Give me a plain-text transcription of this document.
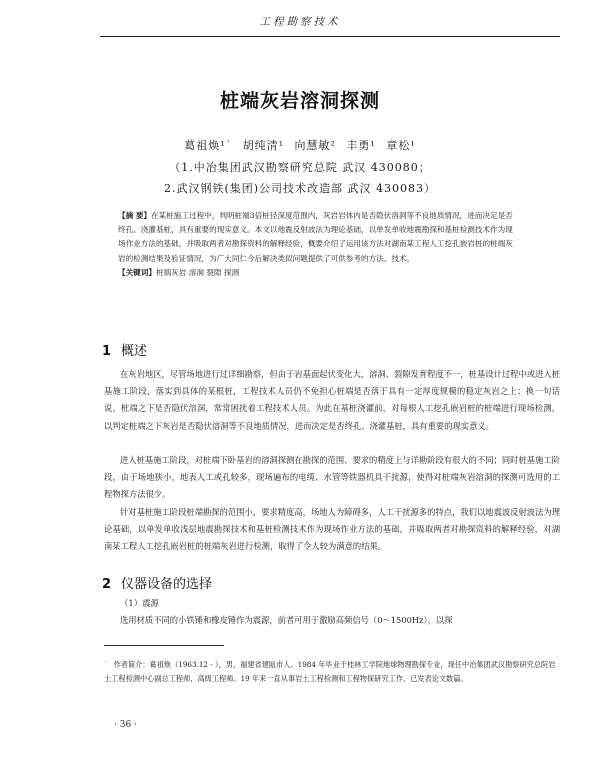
工程勘察技术
桩端灰岩溶洞探测
葛祖焕¹˙ 胡纯清¹ 向慧敏² 丰勇¹ 章松¹
（1.中冶集团武汉勘察研究总院 武汉 430080；
2.武汉钢铁(集团)公司技术改造部 武汉 430083）
【摘 要】在某桩施工过程中，判明桩端3倍桩径深度范围内，灰岩岩体内是否隐伏溶洞等不良地质情况，进而决定是否终孔、浇灌基桩，具有重要的现实意义。本文以地震反射波法为理论基础，以单发单收地震勘探和基桩检测技术作为现场作业方法的基础，并吸取两者对勘探资料的解释经验，概要介绍了运用该方法对湖南某工程人工挖孔嵌岩桩的桩端灰岩的检测结果及验证情况，为广大同仁今后解决类似问题提供了可供参考的方法、技术。
【关键词】桩端灰岩 溶洞 裂隙 探测
1 概述
在灰岩地区，尽管场地进行过详细勘察，但由于岩基面起伏变化大，溶洞、裂隙发育程度不一，桩基设计过程中或进入桩基施工阶段，落实到具体的某根桩，工程技术人员仍不免担心桩端是否落于具有一定厚度规模的稳定灰岩之上；换一句话说，桩端之下是否隐伏溶洞，常常困扰着工程技术人员。为此在基桩浇灌前，对每根人工挖孔嵌岩桩的桩端进行现场检测，以判定桩端之下灰岩是否隐伏溶洞等不良地质情况，进而决定是否终孔、浇灌基桩，具有重要的现实意义。
进入桩基施工阶段，对桩端下卧基岩的溶洞探测在勘探的范围、要求的精度上与详勘阶段有很大的不同；同时桩基施工阶段，由于场地狭小，地表人工或孔较多，现场遍布的电缆、水管等铁器机具干扰源，使得对桩端灰岩溶洞的探测可选用的工程物探方法很少。
针对基桩施工阶段桩端勘探的范围小，要求精度高，场地人为障碍多，人工干扰源多的特点，我们以地震波反射波法为理论基础，以单发单收浅层地震勘探技术和基桩检测技术作为现场作业方法的基础，并吸取两者对勘探资料的解释经验，对湖南某工程人工挖孔嵌岩桩的桩端灰岩进行检测，取得了令人较为满意的结果。
2 仪器设备的选择
（1）震源
选用材质不同的小铁锤和橡皮锤作为震源，前者可用于激励高频信号（0～1500Hz），以探
˙ 作者简介：葛祖焕（1963.12 - ），男，福建省建瓯市人。1984 年毕业于桂林工学院地球物理勘探专业，现任中冶集团武汉勘察研究总院岩土工程检测中心副总工程师，高级工程师。19 年来一直从事岩土工程检测和工程物探研究工作，已发表论文数篇。
· 36 ·
